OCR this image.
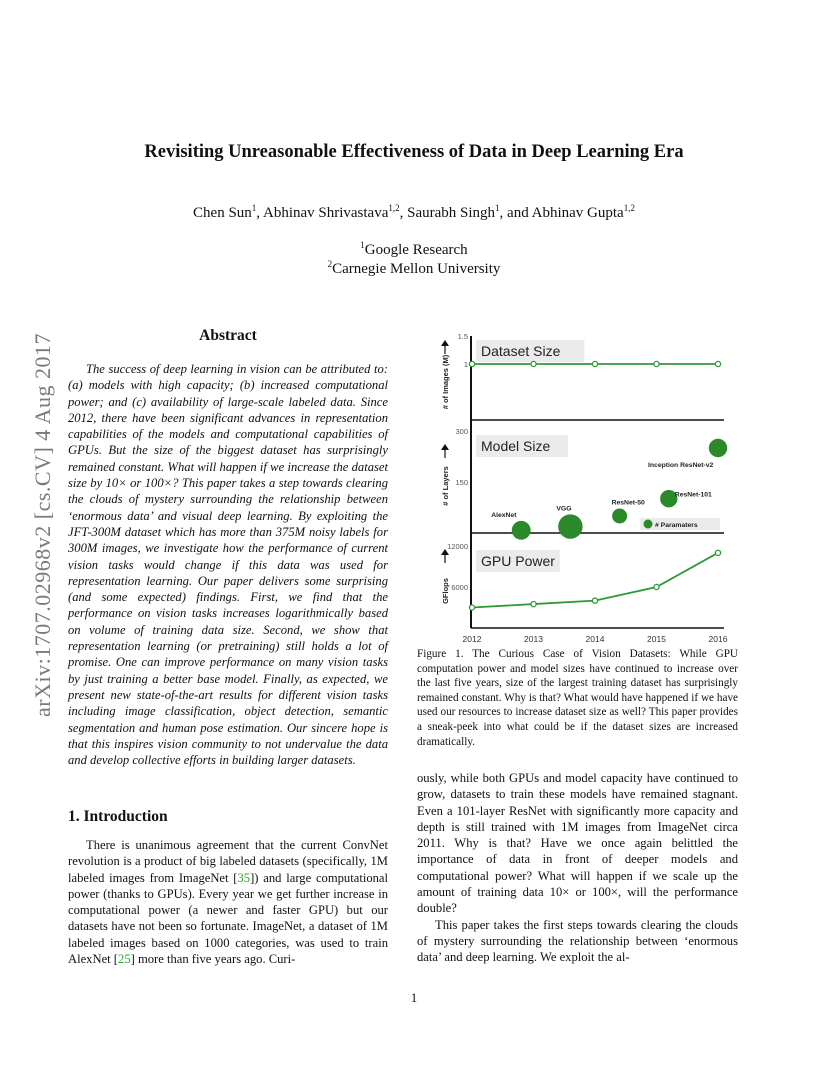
arXiv:1707.02968v2 [cs.CV] 4 Aug 2017
Revisiting Unreasonable Effectiveness of Data in Deep Learning Era
Chen Sun$^1$, Abhinav Shrivastava$^{1,2}$, Saurabh Singh$^1$, and Abhinav Gupta$^{1,2}$
$^1$Google Research
$^2$Carnegie Mellon University
Abstract

The success of deep learning in vision can be attributed to: (a) models with high capacity; (b) increased computational power; and (c) availability of large-scale labeled data. Since 2012, there have been significant advances in representation capabilities of the models and computational capabilities of GPUs. But the size of the biggest dataset has surprisingly remained constant. What will happen if we increase the dataset size by 10× or 100×? This paper takes a step towards clearing the clouds of mystery surrounding the relationship between ‘enormous data’ and visual deep learning. By exploiting the JFT-300M dataset which has more than 375M noisy labels for 300M images, we investigate how the performance of current vision tasks would change if this data was used for representation learning. Our paper delivers some surprising (and some expected) findings. First, we find that the performance on vision tasks increases logarithmically based on volume of training data size. Second, we show that representation learning (or pretraining) still holds a lot of promise. One can improve performance on many vision tasks by just training a better base model. Finally, as expected, we present new state-of-the-art results for different vision tasks including image classification, object detection, semantic segmentation and human pose estimation. Our sincere hope is that this inspires vision community to not undervalue the data and develop collective efforts in building larger datasets.

1. Introduction

There is unanimous agreement that the current ConvNet revolution is a product of big labeled datasets (specifically, 1M labeled images from ImageNet [35]) and large computational power (thanks to GPUs). Every year we get further increase in computational power (a newer and faster GPU) but our datasets have not been so fortunate. ImageNet, a dataset of 1M labeled images based on 1000 categories, was used to train AlexNet [25] more than five years ago. Curi-

Dataset Size
1.5
1
# of Images (M)
Model Size
300
150
# of Layers
AlexNet
VGG
ResNet-50
ResNet-101
Inception ResNet-v2
# Paramaters
GPU Power
12000
6000
GFlops
2012	2013	2014	2015	2016
Figure 1. The Curious Case of Vision Datasets: While GPU computation power and model sizes have continued to increase over the last five years, size of the largest training dataset has surprisingly remained constant. Why is that? What would have happened if we have used our resources to increase dataset size as well? This paper provides a sneak-peek into what could be if the dataset sizes are increased dramatically.

ously, while both GPUs and model capacity have continued to grow, datasets to train these models have remained stagnant. Even a 101-layer ResNet with significantly more capacity and depth is still trained with 1M images from ImageNet circa 2011. Why is that? Have we once again belittled the importance of data in front of deeper models and computational power? What will happen if we scale up the amount of training data 10× or 100×, will the performance double?

This paper takes the first steps towards clearing the clouds of mystery surrounding the relationship between ‘enormous data’ and deep learning. We exploit the al-

1
